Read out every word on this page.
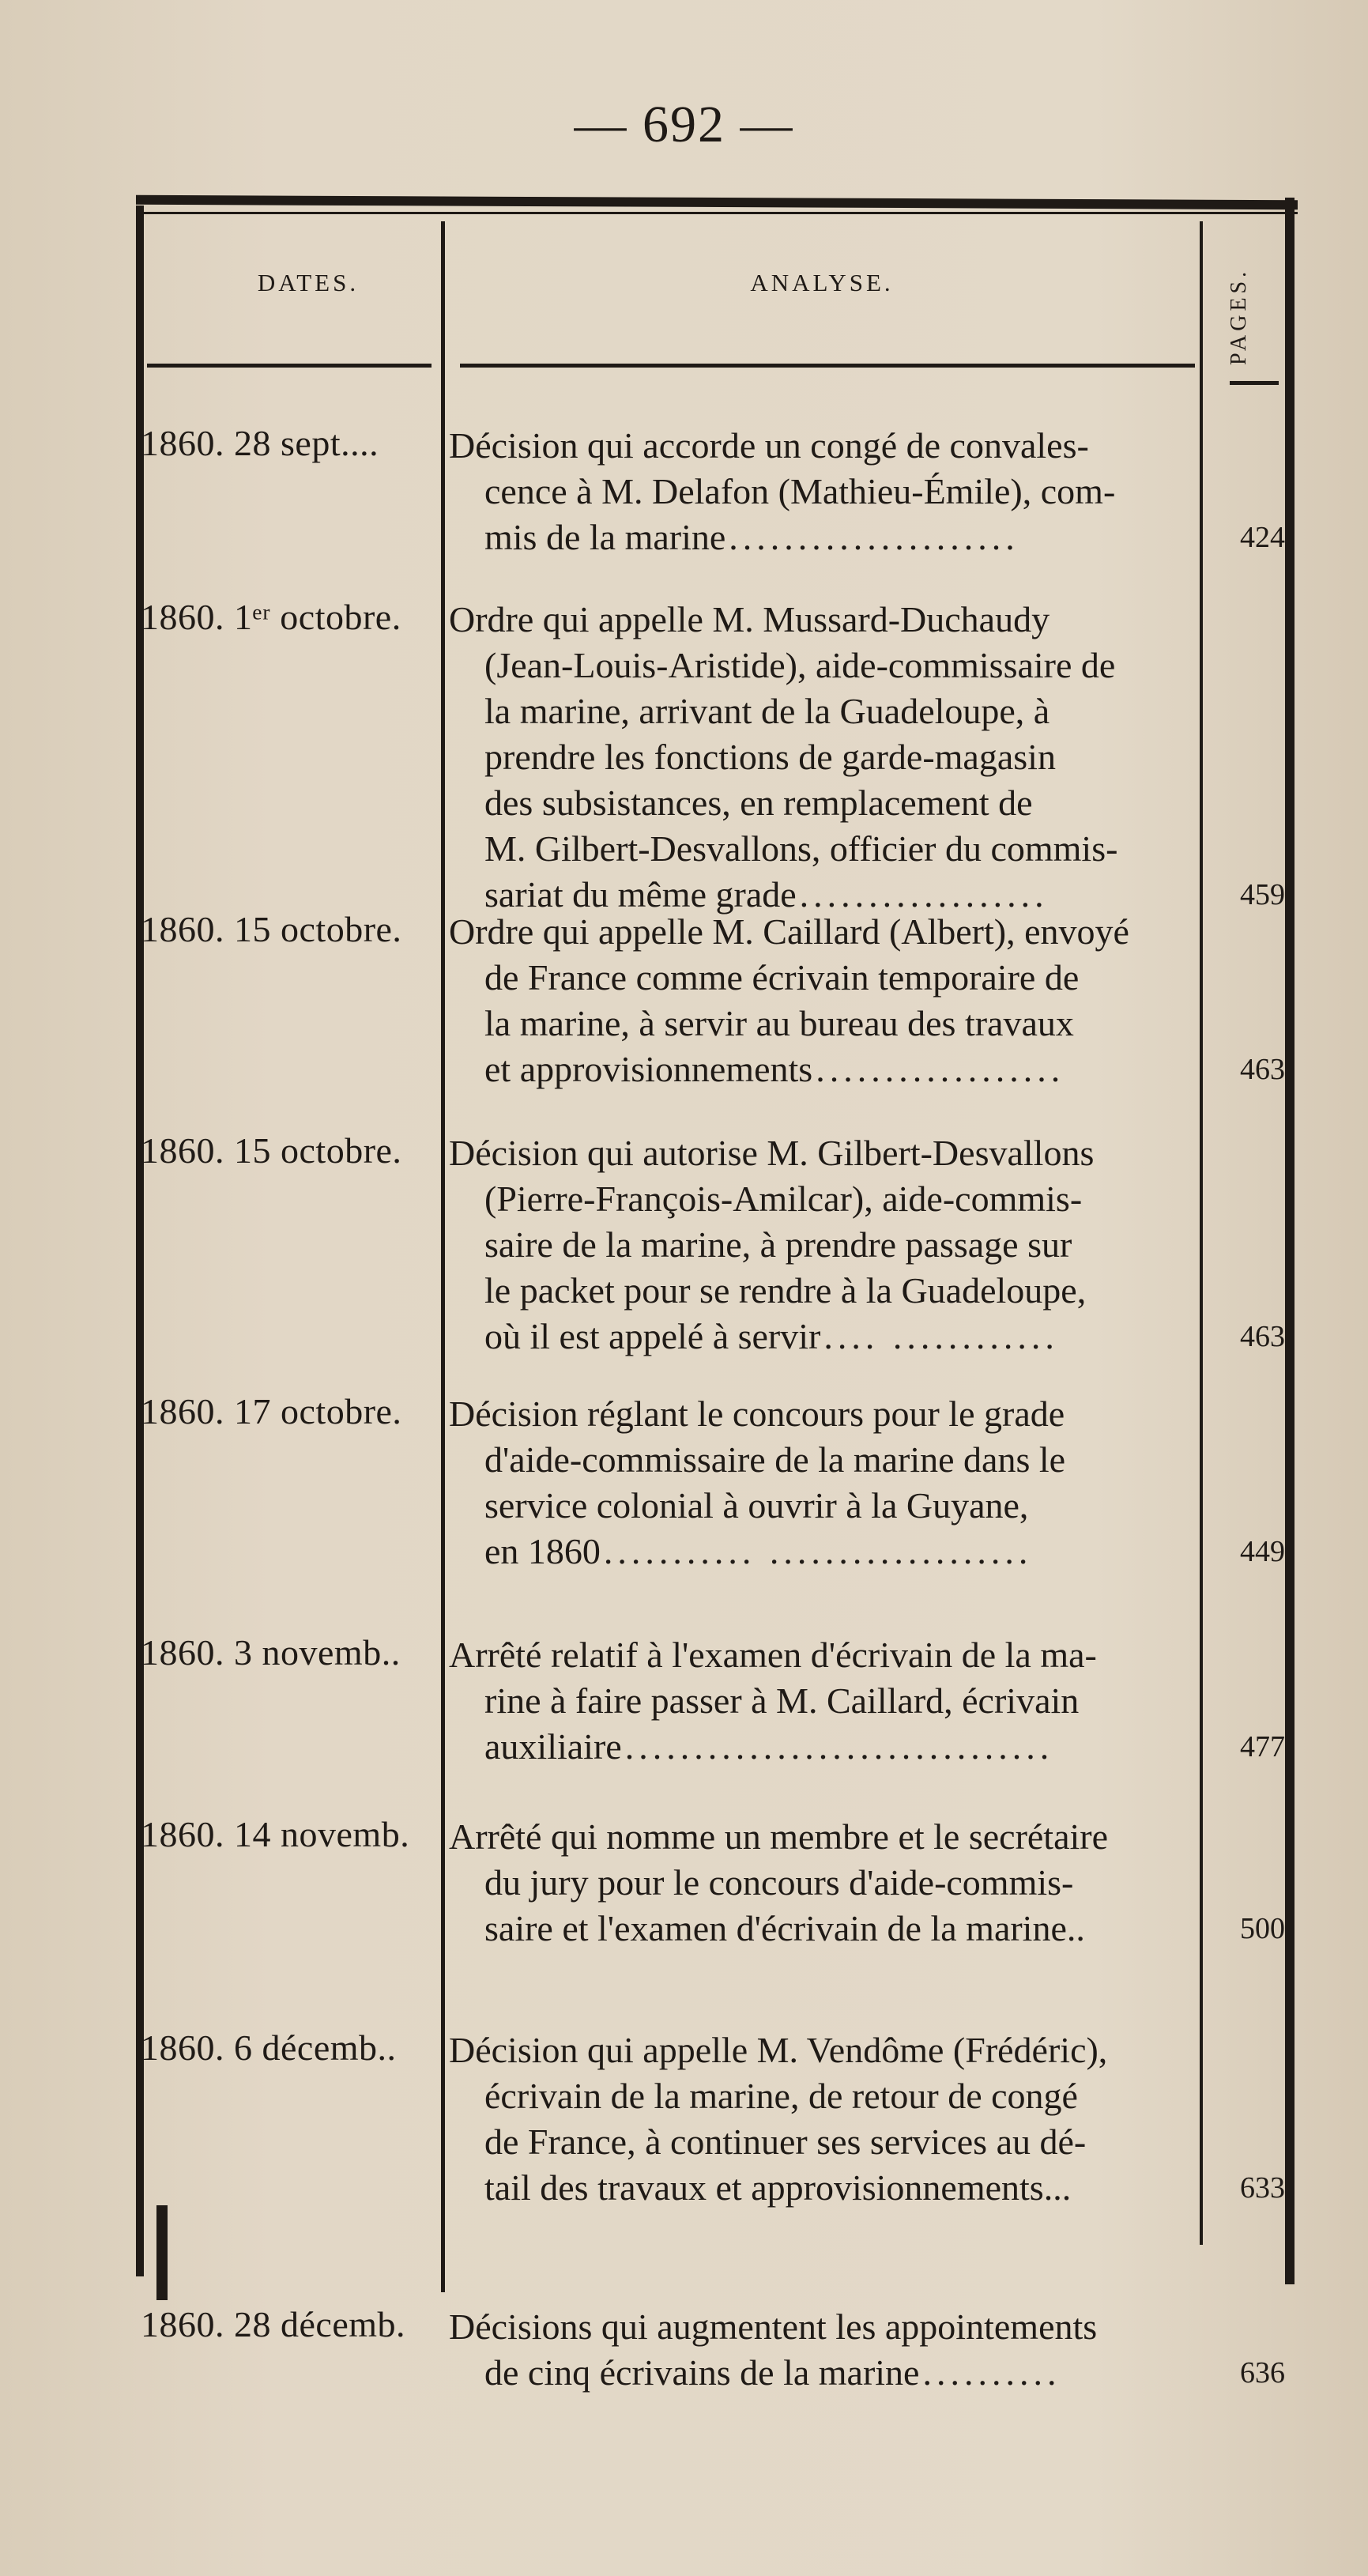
— 692 —
DATES.	ANALYSE.	PAGES.
1860. 28 sept....	Décision qui accorde un congé de convales-
cence à M. Delafon (Mathieu-Émile), com-
mis de la marine .....................	424
1860. 1ᵉʳ octobre.	Ordre qui appelle M. Mussard-Duchaudy
(Jean-Louis-Aristide), aide-commissaire de
la marine, arrivant de la Guadeloupe, à
prendre les fonctions de garde-magasin
des subsistances, en remplacement de
M. Gilbert-Desvallons, officier du commis-
sariat du même grade ..................	459
1860. 15 octobre.	Ordre qui appelle M. Caillard (Albert), envoyé
de France comme écrivain temporaire de
la marine, à servir au bureau des travaux
et approvisionnements ..................	463
1860. 15 octobre.	Décision qui autorise M. Gilbert-Desvallons
(Pierre-François-Amilcar), aide-commis-
saire de la marine, à prendre passage sur
le packet pour se rendre à la Guadeloupe,
où il est appelé à servir .... ............	463
1860. 17 octobre.	Décision réglant le concours pour le grade
d'aide-commissaire de la marine dans le
service colonial à ouvrir à la Guyane,
en 1860 ........... ...................	449
1860. 3 novemb..	Arrêté relatif à l'examen d'écrivain de la ma-
rine à faire passer à M. Caillard, écrivain
auxiliaire ...............................	477
1860. 14 novemb.	Arrêté qui nomme un membre et le secrétaire
du jury pour le concours d'aide-commis-
saire et l'examen d'écrivain de la marine..	500
1860. 6 décemb..	Décision qui appelle M. Vendôme (Frédéric),
écrivain de la marine, de retour de congé
de France, à continuer ses services au dé-
tail des travaux et approvisionnements...	633
1860. 28 décemb.	Décisions qui augmentent les appointements
de cinq écrivains de la marine ..........	636
